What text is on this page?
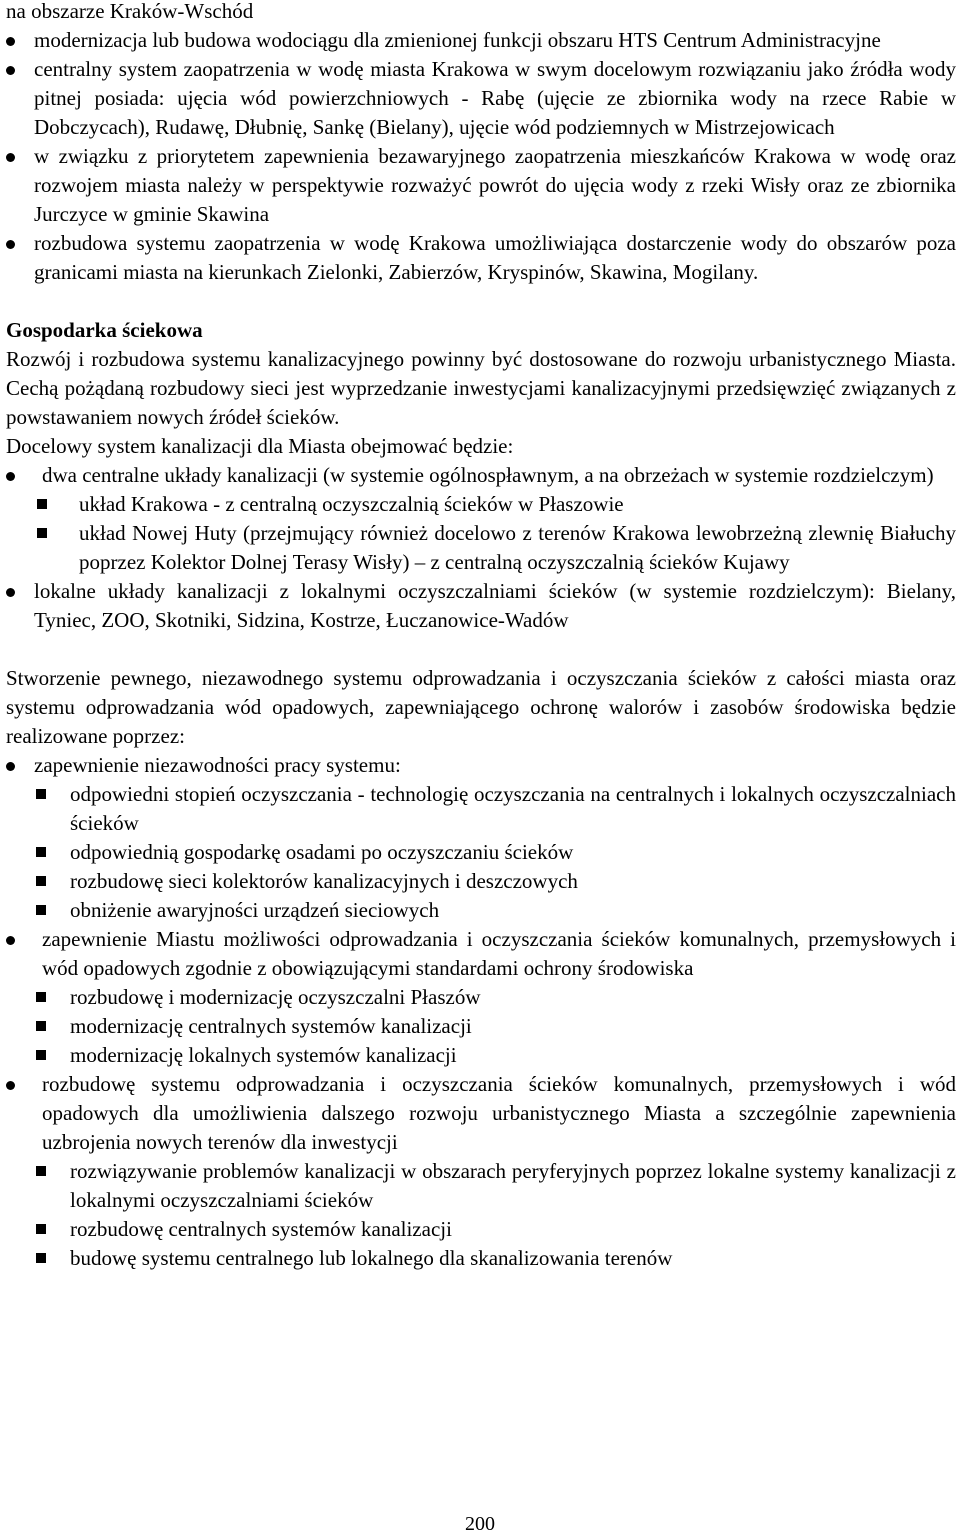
na obszarze Kraków-Wschód

modernizacja lub budowa wodociągu dla zmienionej funkcji obszaru HTS Centrum Administracyjne
centralny system zaopatrzenia w wodę miasta Krakowa w swym docelowym rozwiązaniu jako źródła wody pitnej posiada: ujęcia wód powierzchniowych - Rabę (ujęcie ze zbiornika wody na rzece Rabie w Dobczycach), Rudawę, Dłubnię, Sankę (Bielany), ujęcie wód podziemnych w Mistrzejowicach
w związku z priorytetem zapewnienia bezawaryjnego zaopatrzenia mieszkańców Krakowa w wodę oraz rozwojem miasta należy w perspektywie rozważyć powrót do ujęcia wody z rzeki Wisły oraz ze zbiornika Jurczyce w gminie Skawina
rozbudowa systemu zaopatrzenia w wodę Krakowa umożliwiająca dostarczenie wody do obszarów poza granicami miasta na kierunkach Zielonki, Zabierzów, Kryspinów, Skawina, Mogilany.

Gospodarka ściekowa

Rozwój i rozbudowa systemu kanalizacyjnego powinny być dostosowane do rozwoju urbanistycznego Miasta. Cechą pożądaną rozbudowy sieci jest wyprzedzanie inwestycjami kanalizacyjnymi przedsięwzięć związanych z powstawaniem nowych źródeł ścieków.

Docelowy system kanalizacji dla Miasta obejmować będzie:

dwa centralne układy kanalizacji (w systemie ogólnospławnym, a na obrzeżach w systemie rozdzielczym)
układ Krakowa - z centralną oczyszczalnią ścieków w Płaszowie
układ Nowej Huty (przejmujący również docelowo z terenów Krakowa lewobrzeżną zlewnię Białuchy poprzez Kolektor Dolnej Terasy Wisły) – z centralną oczyszczalnią ścieków Kujawy
lokalne układy kanalizacji z lokalnymi oczyszczalniami ścieków (w systemie rozdzielczym): Bielany, Tyniec, ZOO, Skotniki, Sidzina, Kostrze, Łuczanowice-Wadów

Stworzenie pewnego, niezawodnego systemu odprowadzania i oczyszczania ścieków z całości miasta oraz systemu odprowadzania wód opadowych, zapewniającego ochronę walorów i zasobów środowiska będzie realizowane poprzez:

zapewnienie niezawodności pracy systemu:
odpowiedni stopień oczyszczania - technologię oczyszczania na centralnych i lokalnych oczyszczalniach ścieków
odpowiednią gospodarkę osadami po oczyszczaniu ścieków
rozbudowę sieci kolektorów kanalizacyjnych i deszczowych
obniżenie awaryjności urządzeń sieciowych
zapewnienie Miastu możliwości odprowadzania i oczyszczania ścieków komunalnych, przemysłowych i wód opadowych zgodnie z obowiązującymi standardami ochrony środowiska
rozbudowę i modernizację oczyszczalni Płaszów
modernizację centralnych systemów kanalizacji
modernizację lokalnych systemów kanalizacji
rozbudowę systemu odprowadzania i oczyszczania ścieków komunalnych, przemysłowych i wód opadowych dla umożliwienia dalszego rozwoju urbanistycznego Miasta a szczególnie zapewnienia uzbrojenia nowych terenów dla inwestycji
rozwiązywanie problemów kanalizacji w obszarach peryferyjnych poprzez lokalne systemy kanalizacji z lokalnymi oczyszczalniami ścieków
rozbudowę centralnych systemów kanalizacji
budowę systemu centralnego lub lokalnego dla skanalizowania terenów
200
